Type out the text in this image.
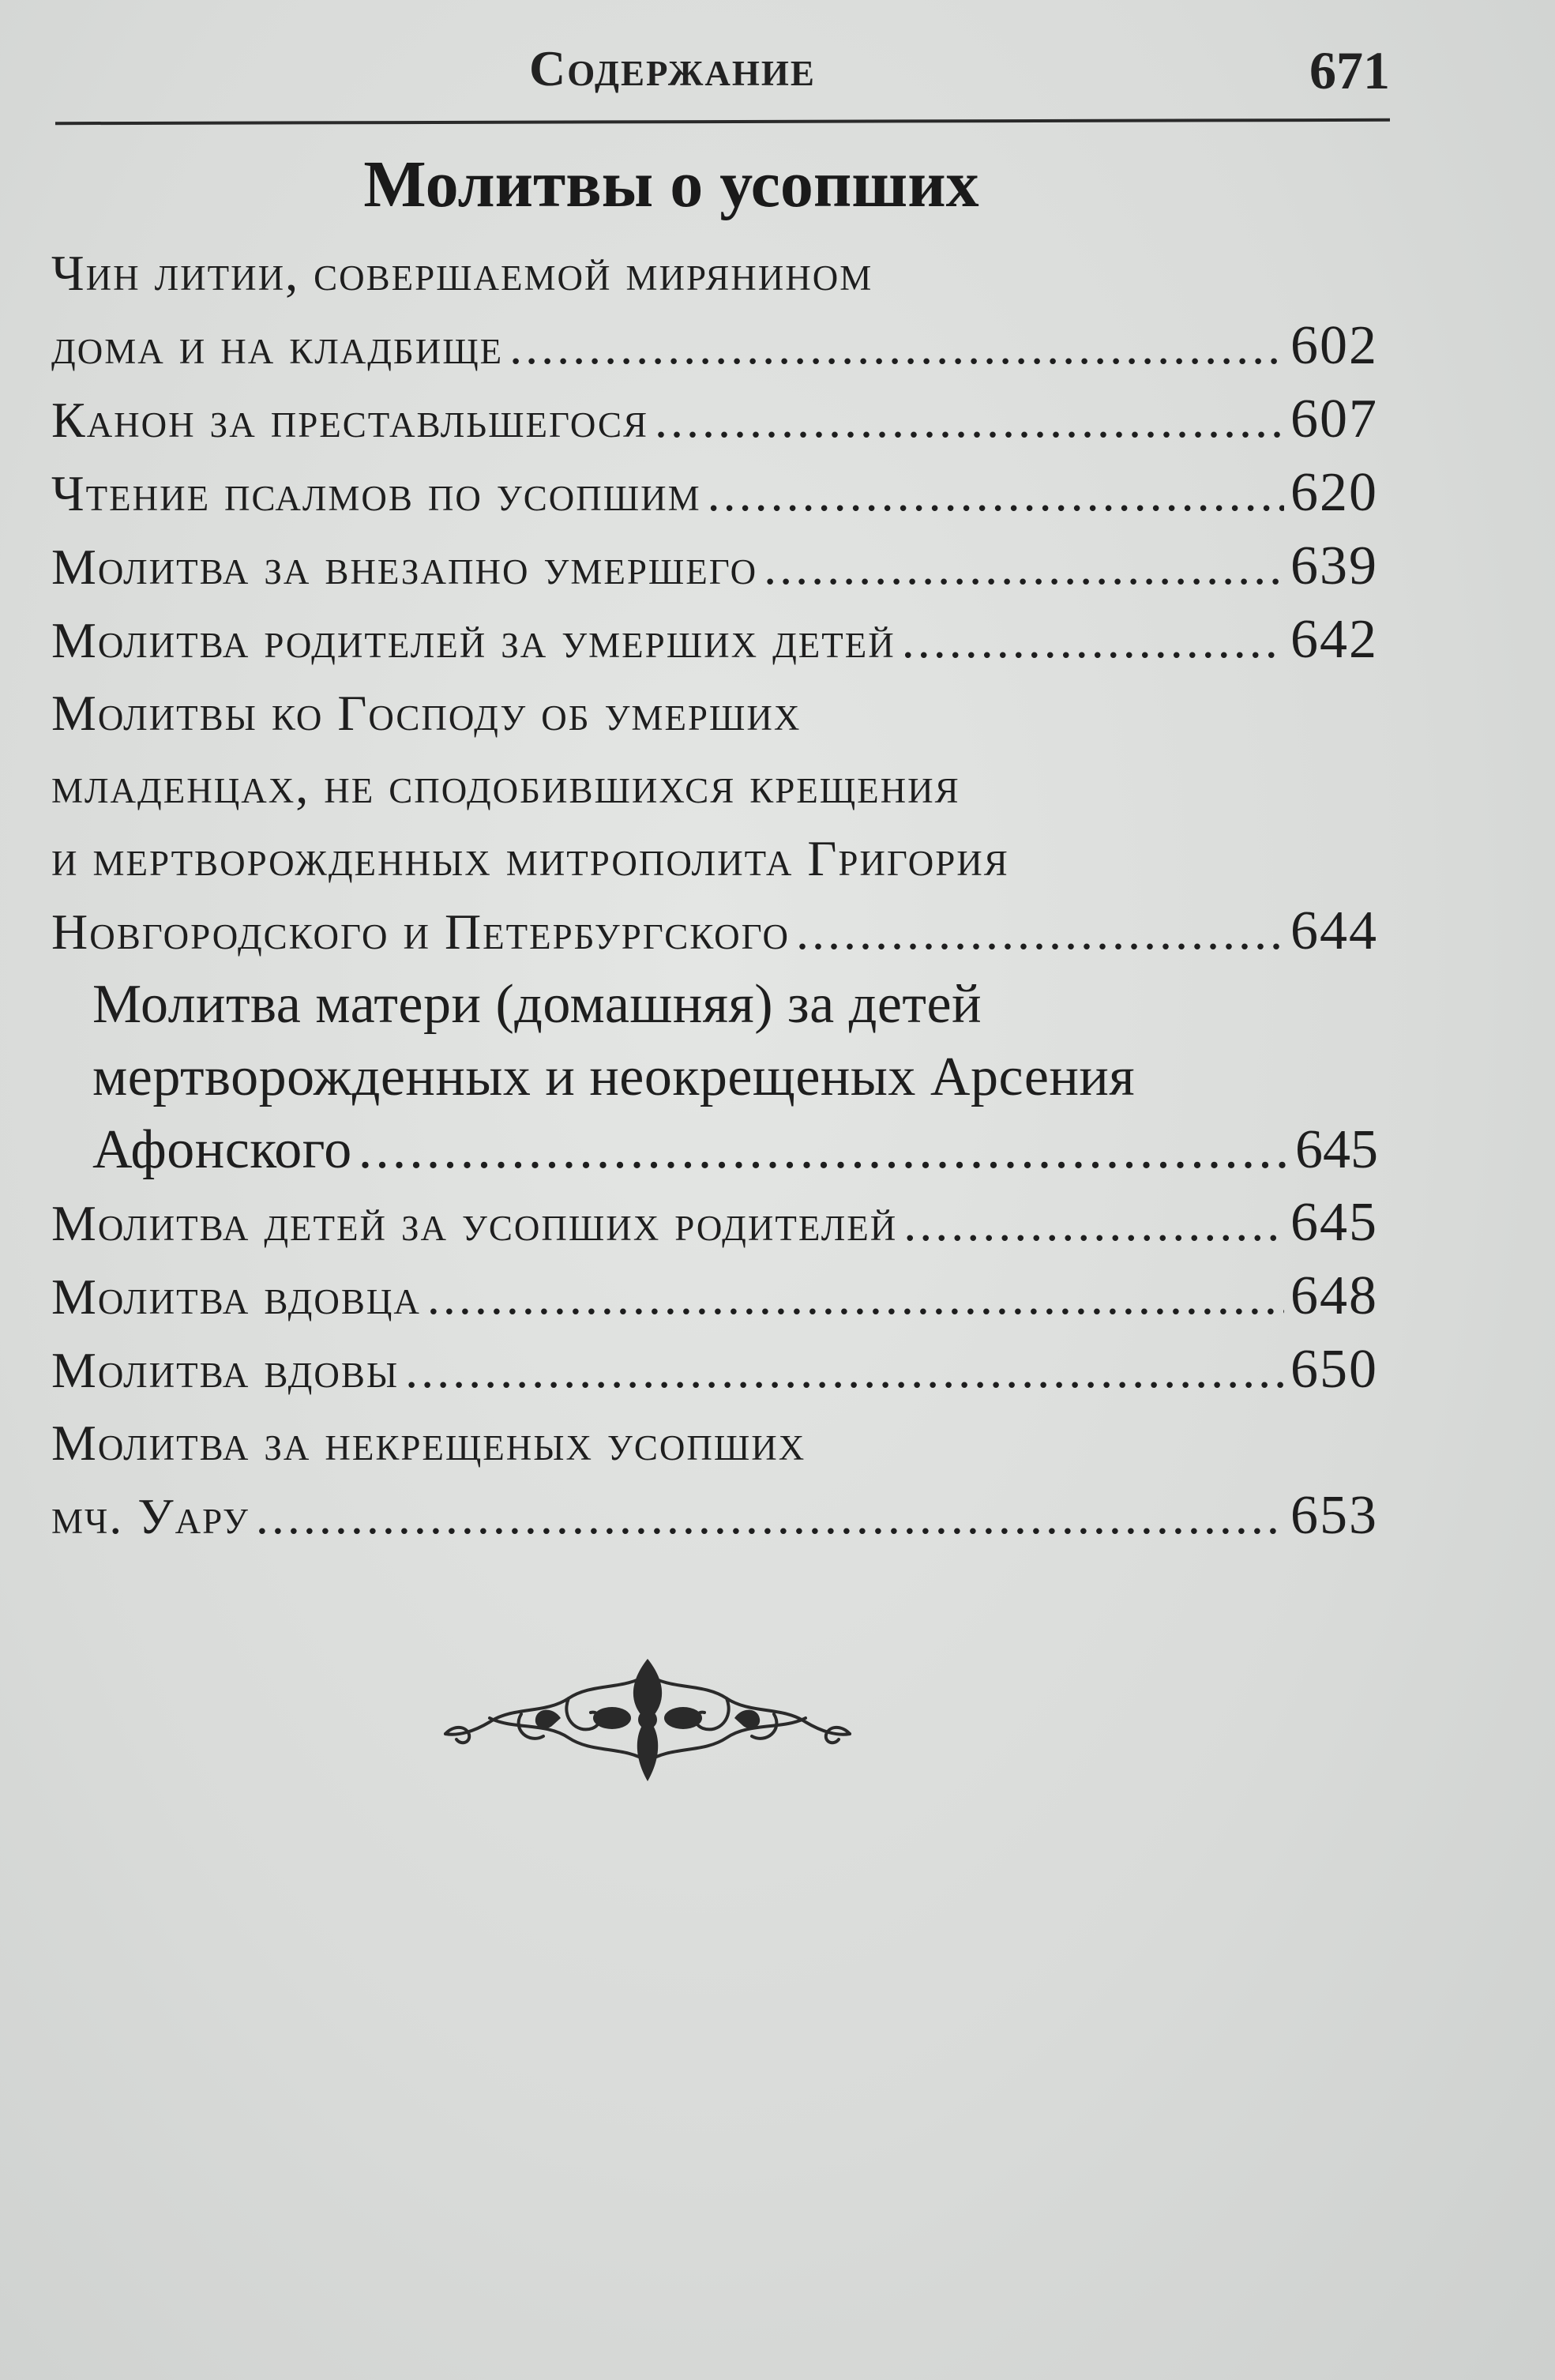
Содержание	671
Молитвы о усопших
Чин литии, совершаемой мирянином
дома и на кладбище .....	602
Канон за преставльшегося .....	607
Чтение псалмов по усопшим .....	620
Молитва за внезапно умершего .....	639
Молитва родителей за умерших детей .....	642
Молитвы ко Господу об умерших
младенцах, не сподобившихся крещения
и мертворожденных митрополита Григория
Новгородского и Петербургского .....	644
Молитва матери (домашняя) за детей
мертворожденных и неокрещеных Арсения
Афонского .....	645
Молитва детей за усопших родителей .....	645
Молитва вдовца .....	648
Молитва вдовы .....	650
Молитва за некрещеных усопших
мч. Уару .....	653
